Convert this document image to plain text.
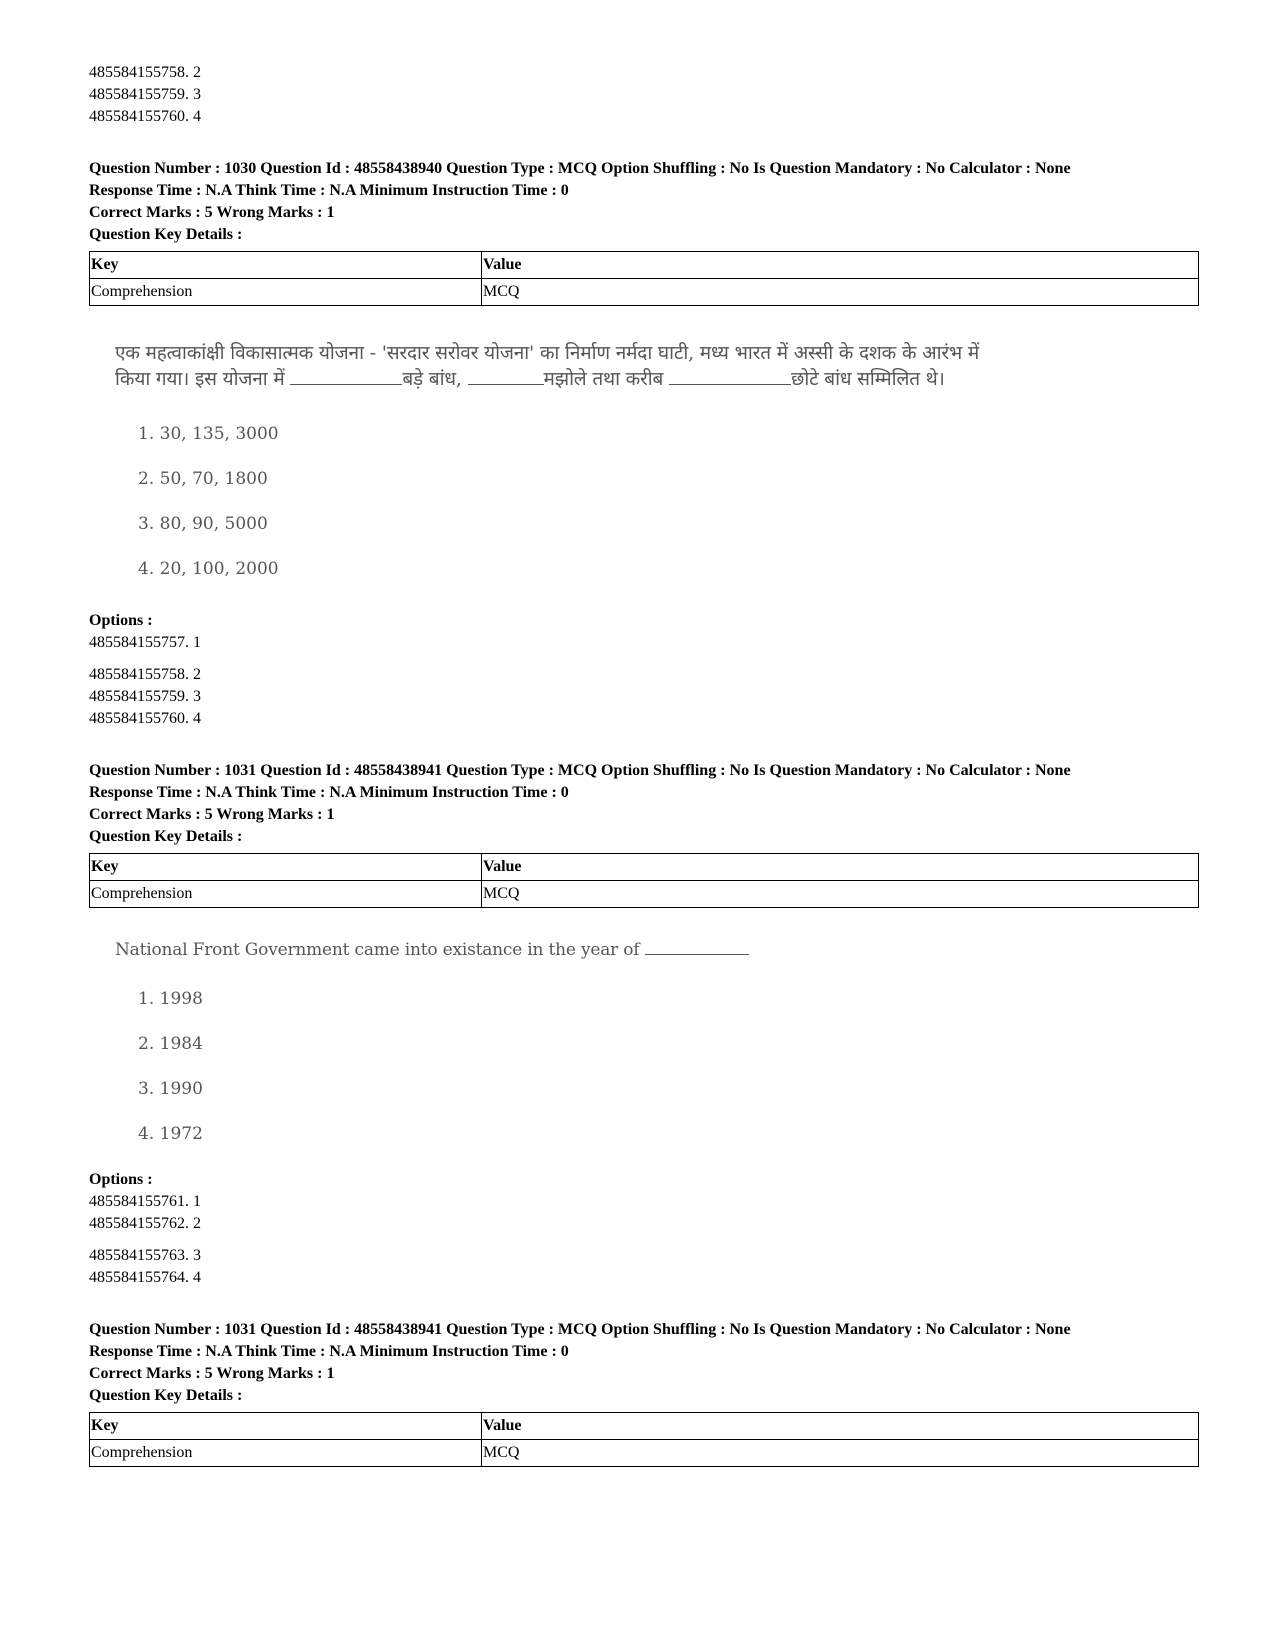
485584155758. 2
485584155759. 3
485584155760. 4
Question Number : 1030 Question Id : 48558438940 Question Type : MCQ Option Shuffling : No Is Question Mandatory : No Calculator : None
Response Time : N.A Think Time : N.A Minimum Instruction Time : 0
Correct Marks : 5 Wrong Marks : 1
Question Key Details :
Key	Value
Comprehension	MCQ
एक महत्वाकांक्षी विकासात्मक योजना - 'सरदार सरोवर योजना' का निर्माण नर्मदा घाटी, मध्य भारत में अस्सी के दशक के आरंभ में किया गया। इस योजना में	बड़े बांध,	मझोले तथा करीब	छोटे बांध सम्मिलित थे।
1. 30, 135, 3000
2. 50, 70, 1800
3. 80, 90, 5000
4. 20, 100, 2000
Options :
485584155757. 1
485584155758. 2
485584155759. 3
485584155760. 4
Question Number : 1031 Question Id : 48558438941 Question Type : MCQ Option Shuffling : No Is Question Mandatory : No Calculator : None
Response Time : N.A Think Time : N.A Minimum Instruction Time : 0
Correct Marks : 5 Wrong Marks : 1
Question Key Details :
Key	Value
Comprehension	MCQ
National Front Government came into existance in the year of
1. 1998
2. 1984
3. 1990
4. 1972
Options :
485584155761. 1
485584155762. 2
485584155763. 3
485584155764. 4
Question Number : 1031 Question Id : 48558438941 Question Type : MCQ Option Shuffling : No Is Question Mandatory : No Calculator : None
Response Time : N.A Think Time : N.A Minimum Instruction Time : 0
Correct Marks : 5 Wrong Marks : 1
Question Key Details :
Key	Value
Comprehension	MCQ
